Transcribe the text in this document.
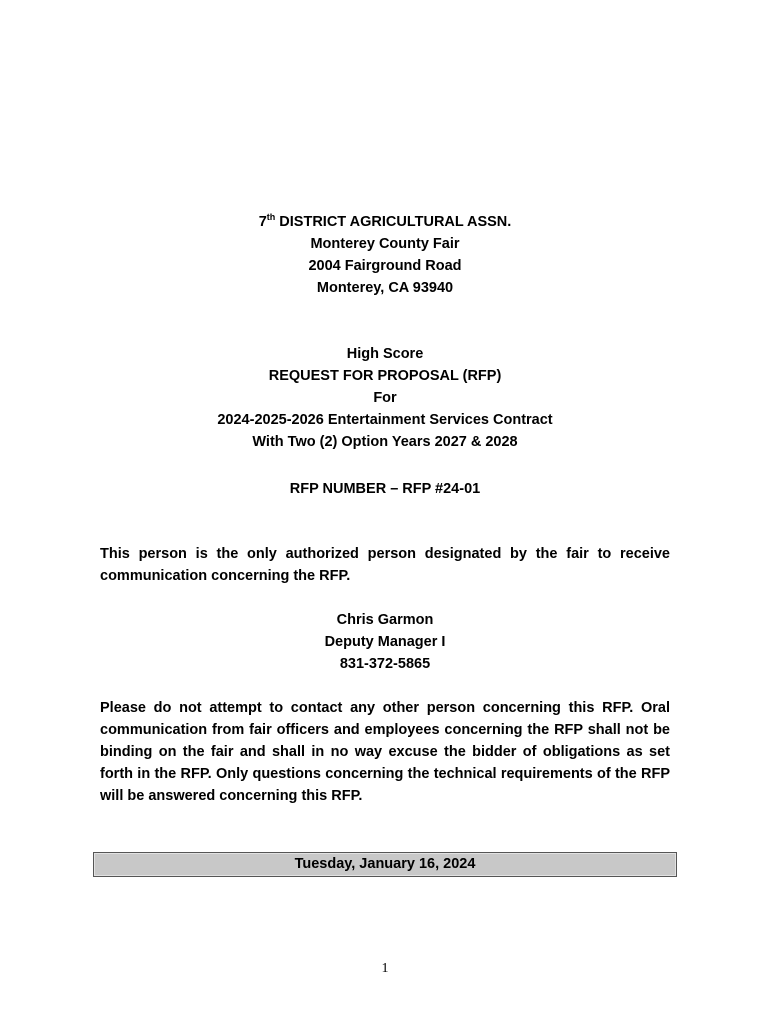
7th DISTRICT AGRICULTURAL ASSN.
Monterey County Fair
2004 Fairground Road
Monterey, CA 93940
High Score
REQUEST FOR PROPOSAL (RFP)
For
2024-2025-2026 Entertainment Services Contract
With Two (2) Option Years 2027 & 2028
RFP NUMBER – RFP #24-01
This person is the only authorized person designated by the fair to receive communication concerning the RFP.
Chris Garmon
Deputy Manager I
831-372-5865
Please do not attempt to contact any other person concerning this RFP. Oral communication from fair officers and employees concerning the RFP shall not be binding on the fair and shall in no way excuse the bidder of obligations as set forth in the RFP. Only questions concerning the technical requirements of the RFP will be answered concerning this RFP.
Tuesday, January 16, 2024
1
